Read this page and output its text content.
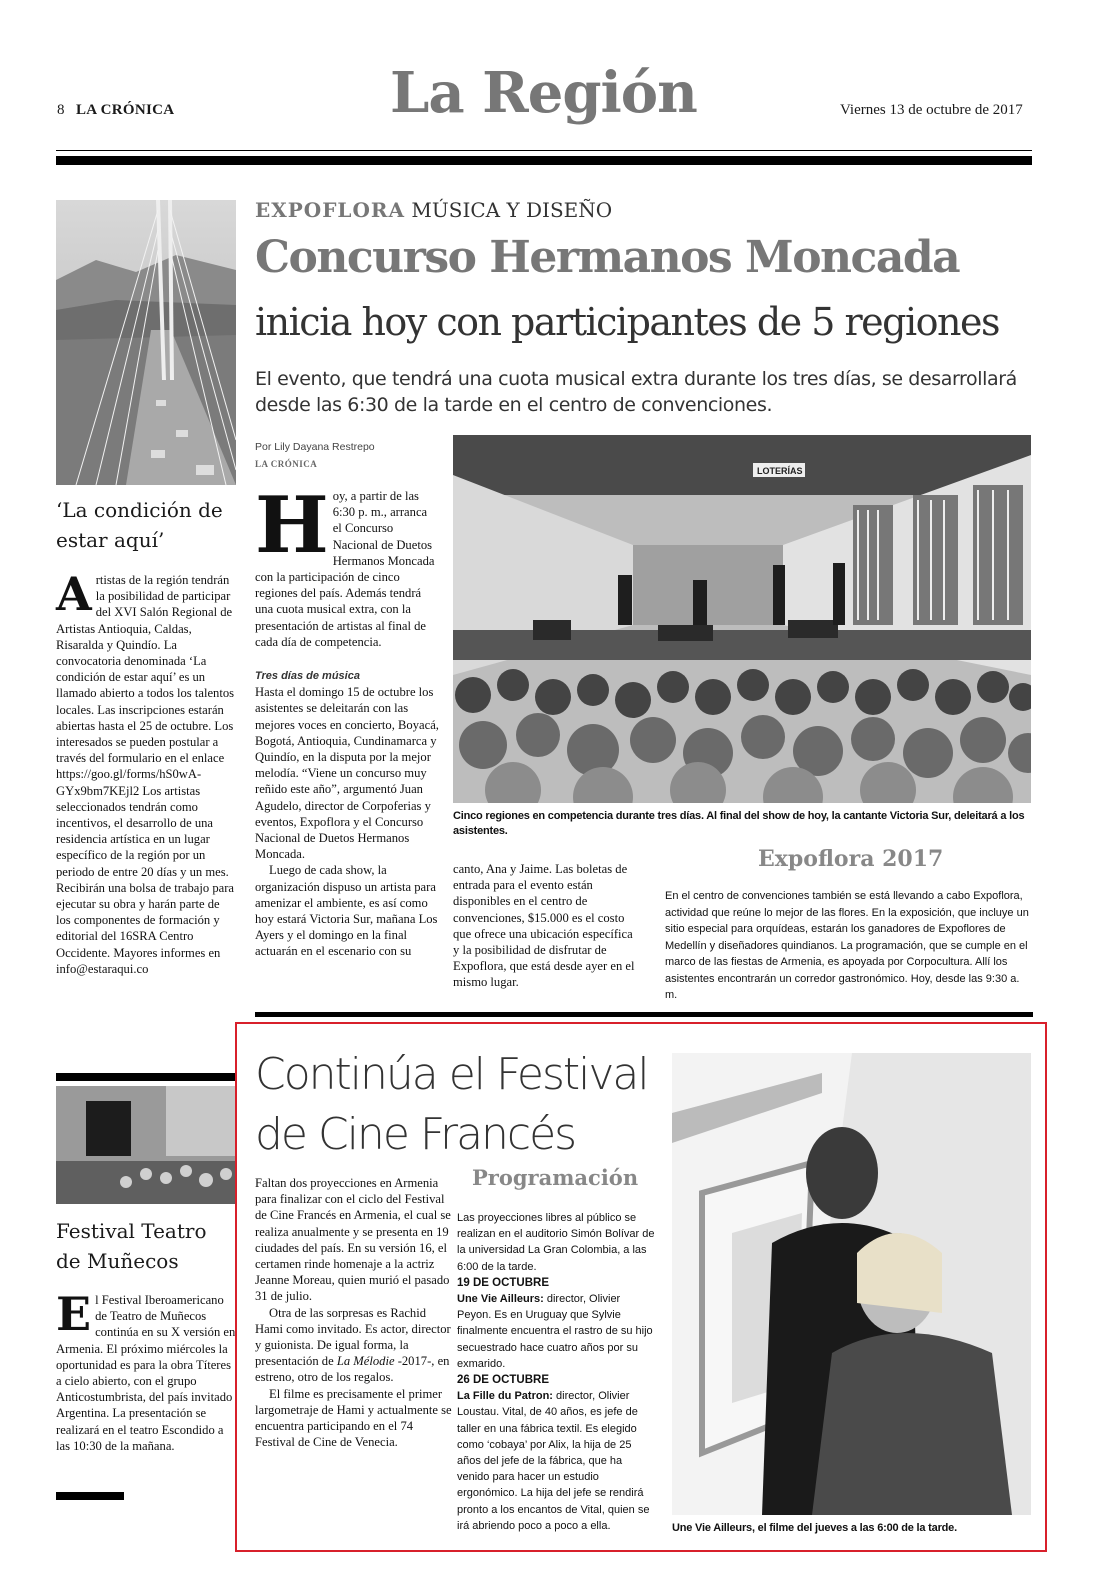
8 LA CRÓNICA	La Región	Viernes 13 de octubre de 2017
‘La condición de estar aquí’
A rtistas de la región tendrán la posibilidad de participar del XVI Salón Regional de Artistas Antioquia, Caldas, Risaralda y Quindío. La convocatoria denominada ‘La condición de estar aquí’ es un llamado abierto a todos los talentos locales. Las inscripciones estarán abiertas hasta el 25 de octubre. Los interesados se pueden postular a través del formulario en el enlace https://goo.gl/forms/hS0wA-GYx9bm7KEjl2 Los artistas seleccionados tendrán como incentivos, el desarrollo de una residencia artística en un lugar específico de la región por un periodo de entre 20 días y un mes. Recibirán una bolsa de trabajo para ejecutar su obra y harán parte de los componentes de formación y editorial del 16SRA Centro Occidente. Mayores informes en info@estaraqui.co
Festival Teatro de Muñecos
E l Festival Iberoamericano de Teatro de Muñecos continúa en su X versión en Armenia. El próximo miércoles la oportunidad es para la obra Títeres a cielo abierto, con el grupo Anticostumbrista, del país invitado Argentina. La presentación se realizará en el teatro Escondido a las 10:30 de la mañana.
EXPOFLORA MÚSICA Y DISEÑO
Concurso Hermanos Moncada
inicia hoy con participantes de 5 regiones
El evento, que tendrá una cuota musical extra durante los tres días, se desarrollará desde las 6:30 de la tarde en el centro de convenciones.
Por Lily Dayana Restrepo
LA CRÓNICA
H oy, a partir de las 6:30 p. m., arranca el Concurso Nacional de Duetos Hermanos Moncada con la participación de cinco regiones del país. Además tendrá una cuota musical extra, con la presentación de artistas al final de cada día de competencia.
Tres días de música
Hasta el domingo 15 de octubre los asistentes se deleitarán con las mejores voces en concierto, Boyacá, Bogotá, Antioquia, Cundinamarca y Quindío, en la disputa por la mejor melodía. “Viene un concurso muy reñido este año”, argumentó Juan Agudelo, director de Corpoferias y eventos, Expoflora y el Concurso Nacional de Duetos Hermanos Moncada.
Luego de cada show, la organización dispuso un artista para amenizar el ambiente, es así como hoy estará Victoria Sur, mañana Los Ayers y el domingo en la final actuarán en el escenario con su
LOTERÍAS
Cinco regiones en competencia durante tres días. Al final del show de hoy, la cantante Victoria Sur, deleitará a los asistentes.
canto, Ana y Jaime. Las boletas de entrada para el evento están disponibles en el centro de convenciones, $15.000 es el costo que ofrece una ubicación específica y la posibilidad de disfrutar de Expoflora, que está desde ayer en el mismo lugar.
Expoflora 2017
En el centro de convenciones también se está llevando a cabo Expoflora, actividad que reúne lo mejor de las flores. En la exposición, que incluye un sitio especial para orquídeas, estarán los ganadores de Expoflores de Medellín y diseñadores quindianos. La programación, que se cumple en el marco de las fiestas de Armenia, es apoyada por Corpocultura. Allí los asistentes encontrarán un corredor gastronómico. Hoy, desde las 9:30 a. m.
Continúa el Festival de Cine Francés
Programación
Faltan dos proyecciones en Armenia para finalizar con el ciclo del Festival de Cine Francés en Armenia, el cual se realiza anualmente y se presenta en 19 ciudades del país. En su versión 16, el certamen rinde homenaje a la actriz Jeanne Moreau, quien murió el pasado 31 de julio.
Otra de las sorpresas es Rachid Hami como invitado. Es actor, director y guionista. De igual forma, la presentación de La Mélodie -2017-, en estreno, otro de los regalos.
El filme es precisamente el primer largometraje de Hami y actualmente se encuentra participando en el 74 Festival de Cine de Venecia.
Las proyecciones libres al público se realizan en el auditorio Simón Bolívar de la universidad La Gran Colombia, a las 6:00 de la tarde.
19 DE OCTUBRE
Une Vie Ailleurs: director, Olivier Peyon. Es en Uruguay que Sylvie finalmente encuentra el rastro de su hijo secuestrado hace cuatro años por su exmarido.
26 DE OCTUBRE
La Fille du Patron: director, Olivier Loustau. Vital, de 40 años, es jefe de taller en una fábrica textil. Es elegido como ‘cobaya’ por Alix, la hija de 25 años del jefe de la fábrica, que ha venido para hacer un estudio ergonómico. La hija del jefe se rendirá pronto a los encantos de Vital, quien se irá abriendo poco a poco a ella.	Une Vie Ailleurs, el filme del jueves a las 6:00 de la tarde.
